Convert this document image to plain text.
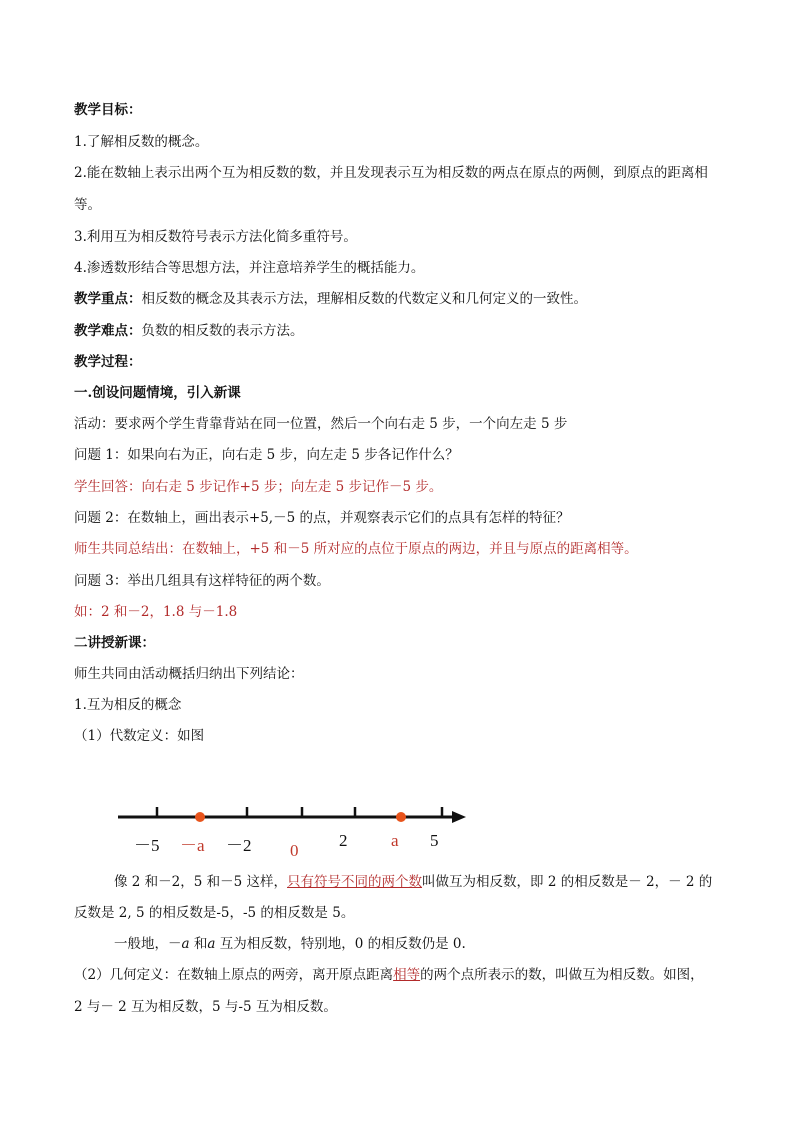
教学目标：
1.了解相反数的概念。
2.能在数轴上表示出两个互为相反数的数，并且发现表示互为相反数的两点在原点的两侧，到原点的距离相
等。
3.利用互为相反数符号表示方法化简多重符号。
4.渗透数形结合等思想方法，并注意培养学生的概括能力。
教学重点：相反数的概念及其表示方法，理解相反数的代数定义和几何定义的一致性。
教学难点：负数的相反数的表示方法。
教学过程：
一.创设问题情境，引入新课
活动：要求两个学生背靠背站在同一位置，然后一个向右走 5 步，一个向左走 5 步
问题 1：如果向右为正，向右走 5 步，向左走 5 步各记作什么？
学生回答：向右走 5 步记作+5 步；向左走 5 步记作－5 步。
问题 2：在数轴上，画出表示+5,－5 的点，并观察表示它们的点具有怎样的特征？
师生共同总结出：在数轴上，+5 和－5 所对应的点位于原点的两边，并且与原点的距离相等。
问题 3：举出几组具有这样特征的两个数。
如：2 和－2，1.8 与－1.8
二讲授新课：
师生共同由活动概括归纳出下列结论：
1.互为相反的概念
（1）代数定义：如图
－5 －a －2 0
2	a 5
像 2 和－2，5 和－5 这样，只有符号不同的两个数叫做互为相反数，即 2 的相反数是－ 2，－ 2 的
反数是 2, 5 的相反数是-5，-5 的相反数是 5。
一般地，－a 和a 互为相反数，特别地，0 的相反数仍是 0.
（2）几何定义：在数轴上原点的两旁，离开原点距离相等的两个点所表示的数，叫做互为相反数。如图，
2 与－ 2 互为相反数，5 与-5 互为相反数。
